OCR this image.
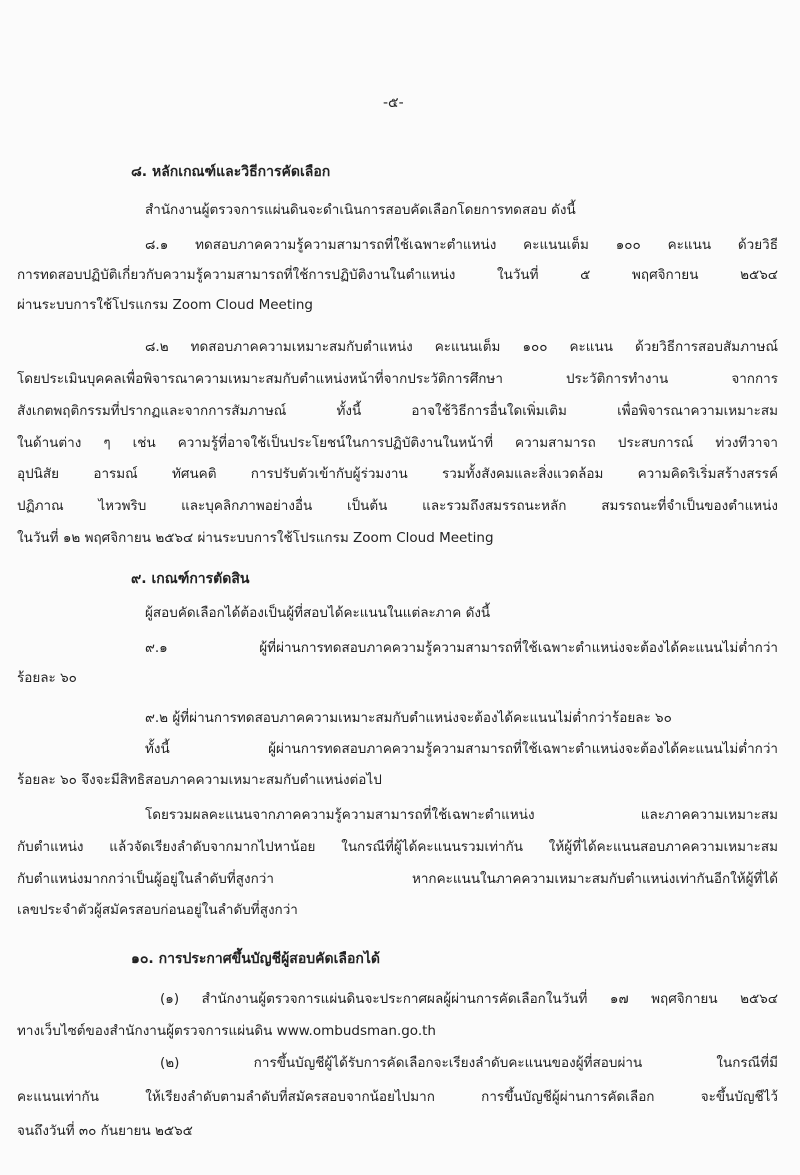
-๕-
๘. หลักเกณฑ์และวิธีการคัดเลือก
สำนักงานผู้ตรวจการแผ่นดินจะดำเนินการสอบคัดเลือกโดยการทดสอบ ดังนี้
๘.๑ ทดสอบภาคความรู้ความสามารถที่ใช้เฉพาะตำแหน่ง คะแนนเต็ม ๑๐๐ คะแนน ด้วยวิธี
การทดสอบปฏิบัติเกี่ยวกับความรู้ความสามารถที่ใช้การปฏิบัติงานในตำแหน่ง ในวันที่ ๕ พฤศจิกายน ๒๕๖๔
ผ่านระบบการใช้โปรแกรม Zoom Cloud Meeting
๘.๒ ทดสอบภาคความเหมาะสมกับตำแหน่ง คะแนนเต็ม ๑๐๐ คะแนน ด้วยวิธีการสอบสัมภาษณ์
โดยประเมินบุคคลเพื่อพิจารณาความเหมาะสมกับตำแหน่งหน้าที่จากประวัติการศึกษา ประวัติการทำงาน จากการ
สังเกตพฤติกรรมที่ปรากฏและจากการสัมภาษณ์ ทั้งนี้ อาจใช้วิธีการอื่นใดเพิ่มเติม เพื่อพิจารณาความเหมาะสม
ในด้านต่าง ๆ เช่น ความรู้ที่อาจใช้เป็นประโยชน์ในการปฏิบัติงานในหน้าที่ ความสามารถ ประสบการณ์ ท่วงทีวาจา
อุปนิสัย อารมณ์ ทัศนคติ การปรับตัวเข้ากับผู้ร่วมงาน รวมทั้งสังคมและสิ่งแวดล้อม ความคิดริเริ่มสร้างสรรค์
ปฏิภาณ ไหวพริบ และบุคลิกภาพอย่างอื่น เป็นต้น และรวมถึงสมรรถนะหลัก สมรรถนะที่จำเป็นของตำแหน่ง
ในวันที่ ๑๒ พฤศจิกายน ๒๕๖๔ ผ่านระบบการใช้โปรแกรม Zoom Cloud Meeting
๙. เกณฑ์การตัดสิน
ผู้สอบคัดเลือกได้ต้องเป็นผู้ที่สอบได้คะแนนในแต่ละภาค ดังนี้
๙.๑ ผู้ที่ผ่านการทดสอบภาคความรู้ความสามารถที่ใช้เฉพาะตำแหน่งจะต้องได้คะแนนไม่ต่ำกว่า
ร้อยละ ๖๐
๙.๒ ผู้ที่ผ่านการทดสอบภาคความเหมาะสมกับตำแหน่งจะต้องได้คะแนนไม่ต่ำกว่าร้อยละ ๖๐
ทั้งนี้ ผู้ผ่านการทดสอบภาคความรู้ความสามารถที่ใช้เฉพาะตำแหน่งจะต้องได้คะแนนไม่ต่ำกว่า
ร้อยละ ๖๐ จึงจะมีสิทธิสอบภาคความเหมาะสมกับตำแหน่งต่อไป
โดยรวมผลคะแนนจากภาคความรู้ความสามารถที่ใช้เฉพาะตำแหน่ง และภาคความเหมาะสม
กับตำแหน่ง แล้วจัดเรียงลำดับจากมากไปหาน้อย ในกรณีที่ผู้ได้คะแนนรวมเท่ากัน ให้ผู้ที่ได้คะแนนสอบภาคความเหมาะสม
กับตำแหน่งมากกว่าเป็นผู้อยู่ในลำดับที่สูงกว่า หากคะแนนในภาคความเหมาะสมกับตำแหน่งเท่ากันอีกให้ผู้ที่ได้
เลขประจำตัวผู้สมัครสอบก่อนอยู่ในลำดับที่สูงกว่า
๑๐. การประกาศขึ้นบัญชีผู้สอบคัดเลือกได้
(๑) สำนักงานผู้ตรวจการแผ่นดินจะประกาศผลผู้ผ่านการคัดเลือกในวันที่ ๑๗ พฤศจิกายน ๒๕๖๔
ทางเว็บไซต์ของสำนักงานผู้ตรวจการแผ่นดิน www.ombudsman.go.th
(๒) การขึ้นบัญชีผู้ได้รับการคัดเลือกจะเรียงลำดับคะแนนของผู้ที่สอบผ่าน ในกรณีที่มี
คะแนนเท่ากัน ให้เรียงลำดับตามลำดับที่สมัครสอบจากน้อยไปมาก การขึ้นบัญชีผู้ผ่านการคัดเลือก จะขึ้นบัญชีไว้
จนถึงวันที่ ๓๐ กันยายน ๒๕๖๕
